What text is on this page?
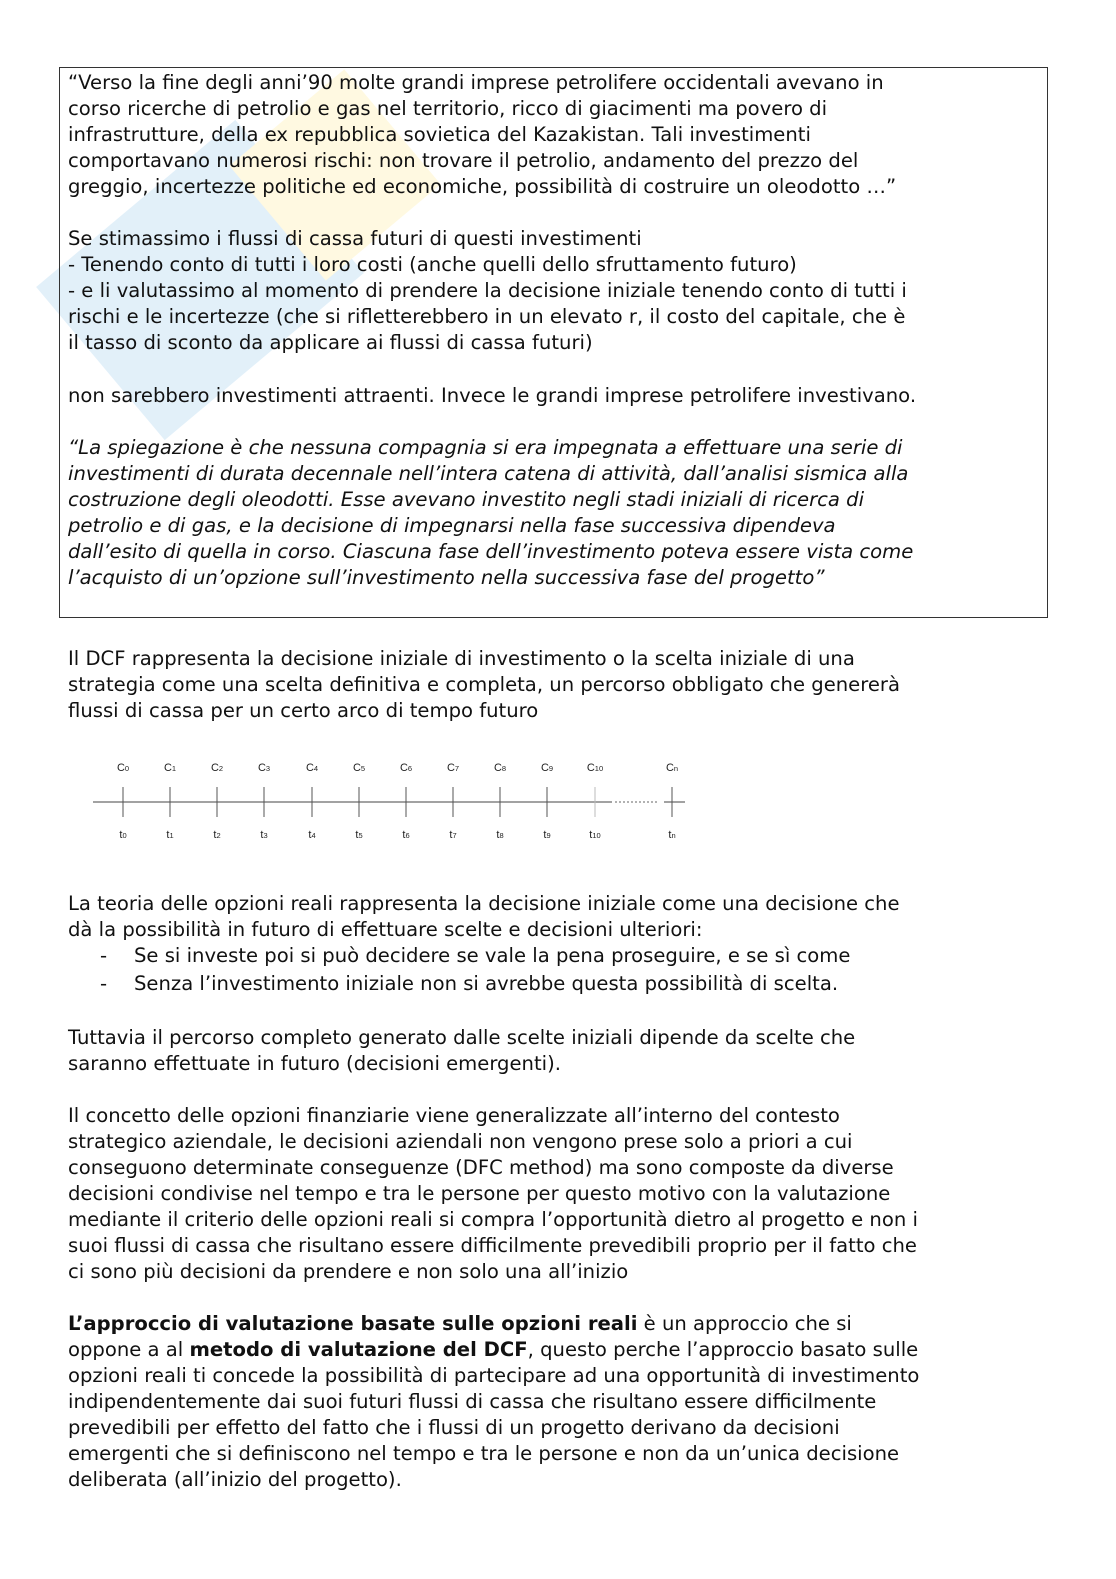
“Verso la fine degli anni’90 molte grandi imprese petrolifere occidentali avevano in
corso ricerche di petrolio e gas nel territorio, ricco di giacimenti ma povero di
infrastrutture, della ex repubblica sovietica del Kazakistan. Tali investimenti
comportavano numerosi rischi: non trovare il petrolio, andamento del prezzo del
greggio, incertezze politiche ed economiche, possibilità di costruire un oleodotto …”
Se stimassimo i flussi di cassa futuri di questi investimenti
- Tenendo conto di tutti i loro costi (anche quelli dello sfruttamento futuro)
- e li valutassimo al momento di prendere la decisione iniziale tenendo conto di tutti i
rischi e le incertezze (che si rifletterebbero in un elevato r, il costo del capitale, che è
il tasso di sconto da applicare ai flussi di cassa futuri)
non sarebbero investimenti attraenti. Invece le grandi imprese petrolifere investivano.
“La spiegazione è che nessuna compagnia si era impegnata a effettuare una serie di
investimenti di durata decennale nell’intera catena di attività, dall’analisi sismica alla
costruzione degli oleodotti. Esse avevano investito negli stadi iniziali di ricerca di
petrolio e di gas, e la decisione di impegnarsi nella fase successiva dipendeva
dall’esito di quella in corso. Ciascuna fase dell’investimento poteva essere vista come
l’acquisto di un’opzione sull’investimento nella successiva fase del progetto”
Il DCF rappresenta la decisione iniziale di investimento o la scelta iniziale di una
strategia come una scelta definitiva e completa, un percorso obbligato che genererà
flussi di cassa per un certo arco di tempo futuro
C0
t0
C1
t1
C2
t2
C3
t3
C4
t4
C5
t5
C6
t6
C7
t7
C8
t8
C9
t9
C10
t10
Cn
tn
La teoria delle opzioni reali rappresenta la decisione iniziale come una decisione che
dà la possibilità in futuro di effettuare scelte e decisioni ulteriori:
- Se si investe poi si può decidere se vale la pena proseguire, e se sì come
- Senza l’investimento iniziale non si avrebbe questa possibilità di scelta.
Tuttavia il percorso completo generato dalle scelte iniziali dipende da scelte che
saranno effettuate in futuro (decisioni emergenti).
Il concetto delle opzioni finanziarie viene generalizzate all’interno del contesto
strategico aziendale, le decisioni aziendali non vengono prese solo a priori a cui
conseguono determinate conseguenze (DFC method) ma sono composte da diverse
decisioni condivise nel tempo e tra le persone per questo motivo con la valutazione
mediante il criterio delle opzioni reali si compra l’opportunità dietro al progetto e non i
suoi flussi di cassa che risultano essere difficilmente prevedibili proprio per il fatto che
ci sono più decisioni da prendere e non solo una all’inizio
L’approccio di valutazione basate sulle opzioni reali è un approccio che si
oppone a al metodo di valutazione del DCF, questo perche l’approccio basato sulle
opzioni reali ti concede la possibilità di partecipare ad una opportunità di investimento
indipendentemente dai suoi futuri flussi di cassa che risultano essere difficilmente
prevedibili per effetto del fatto che i flussi di un progetto derivano da decisioni
emergenti che si definiscono nel tempo e tra le persone e non da un’unica decisione
deliberata (all’inizio del progetto).
